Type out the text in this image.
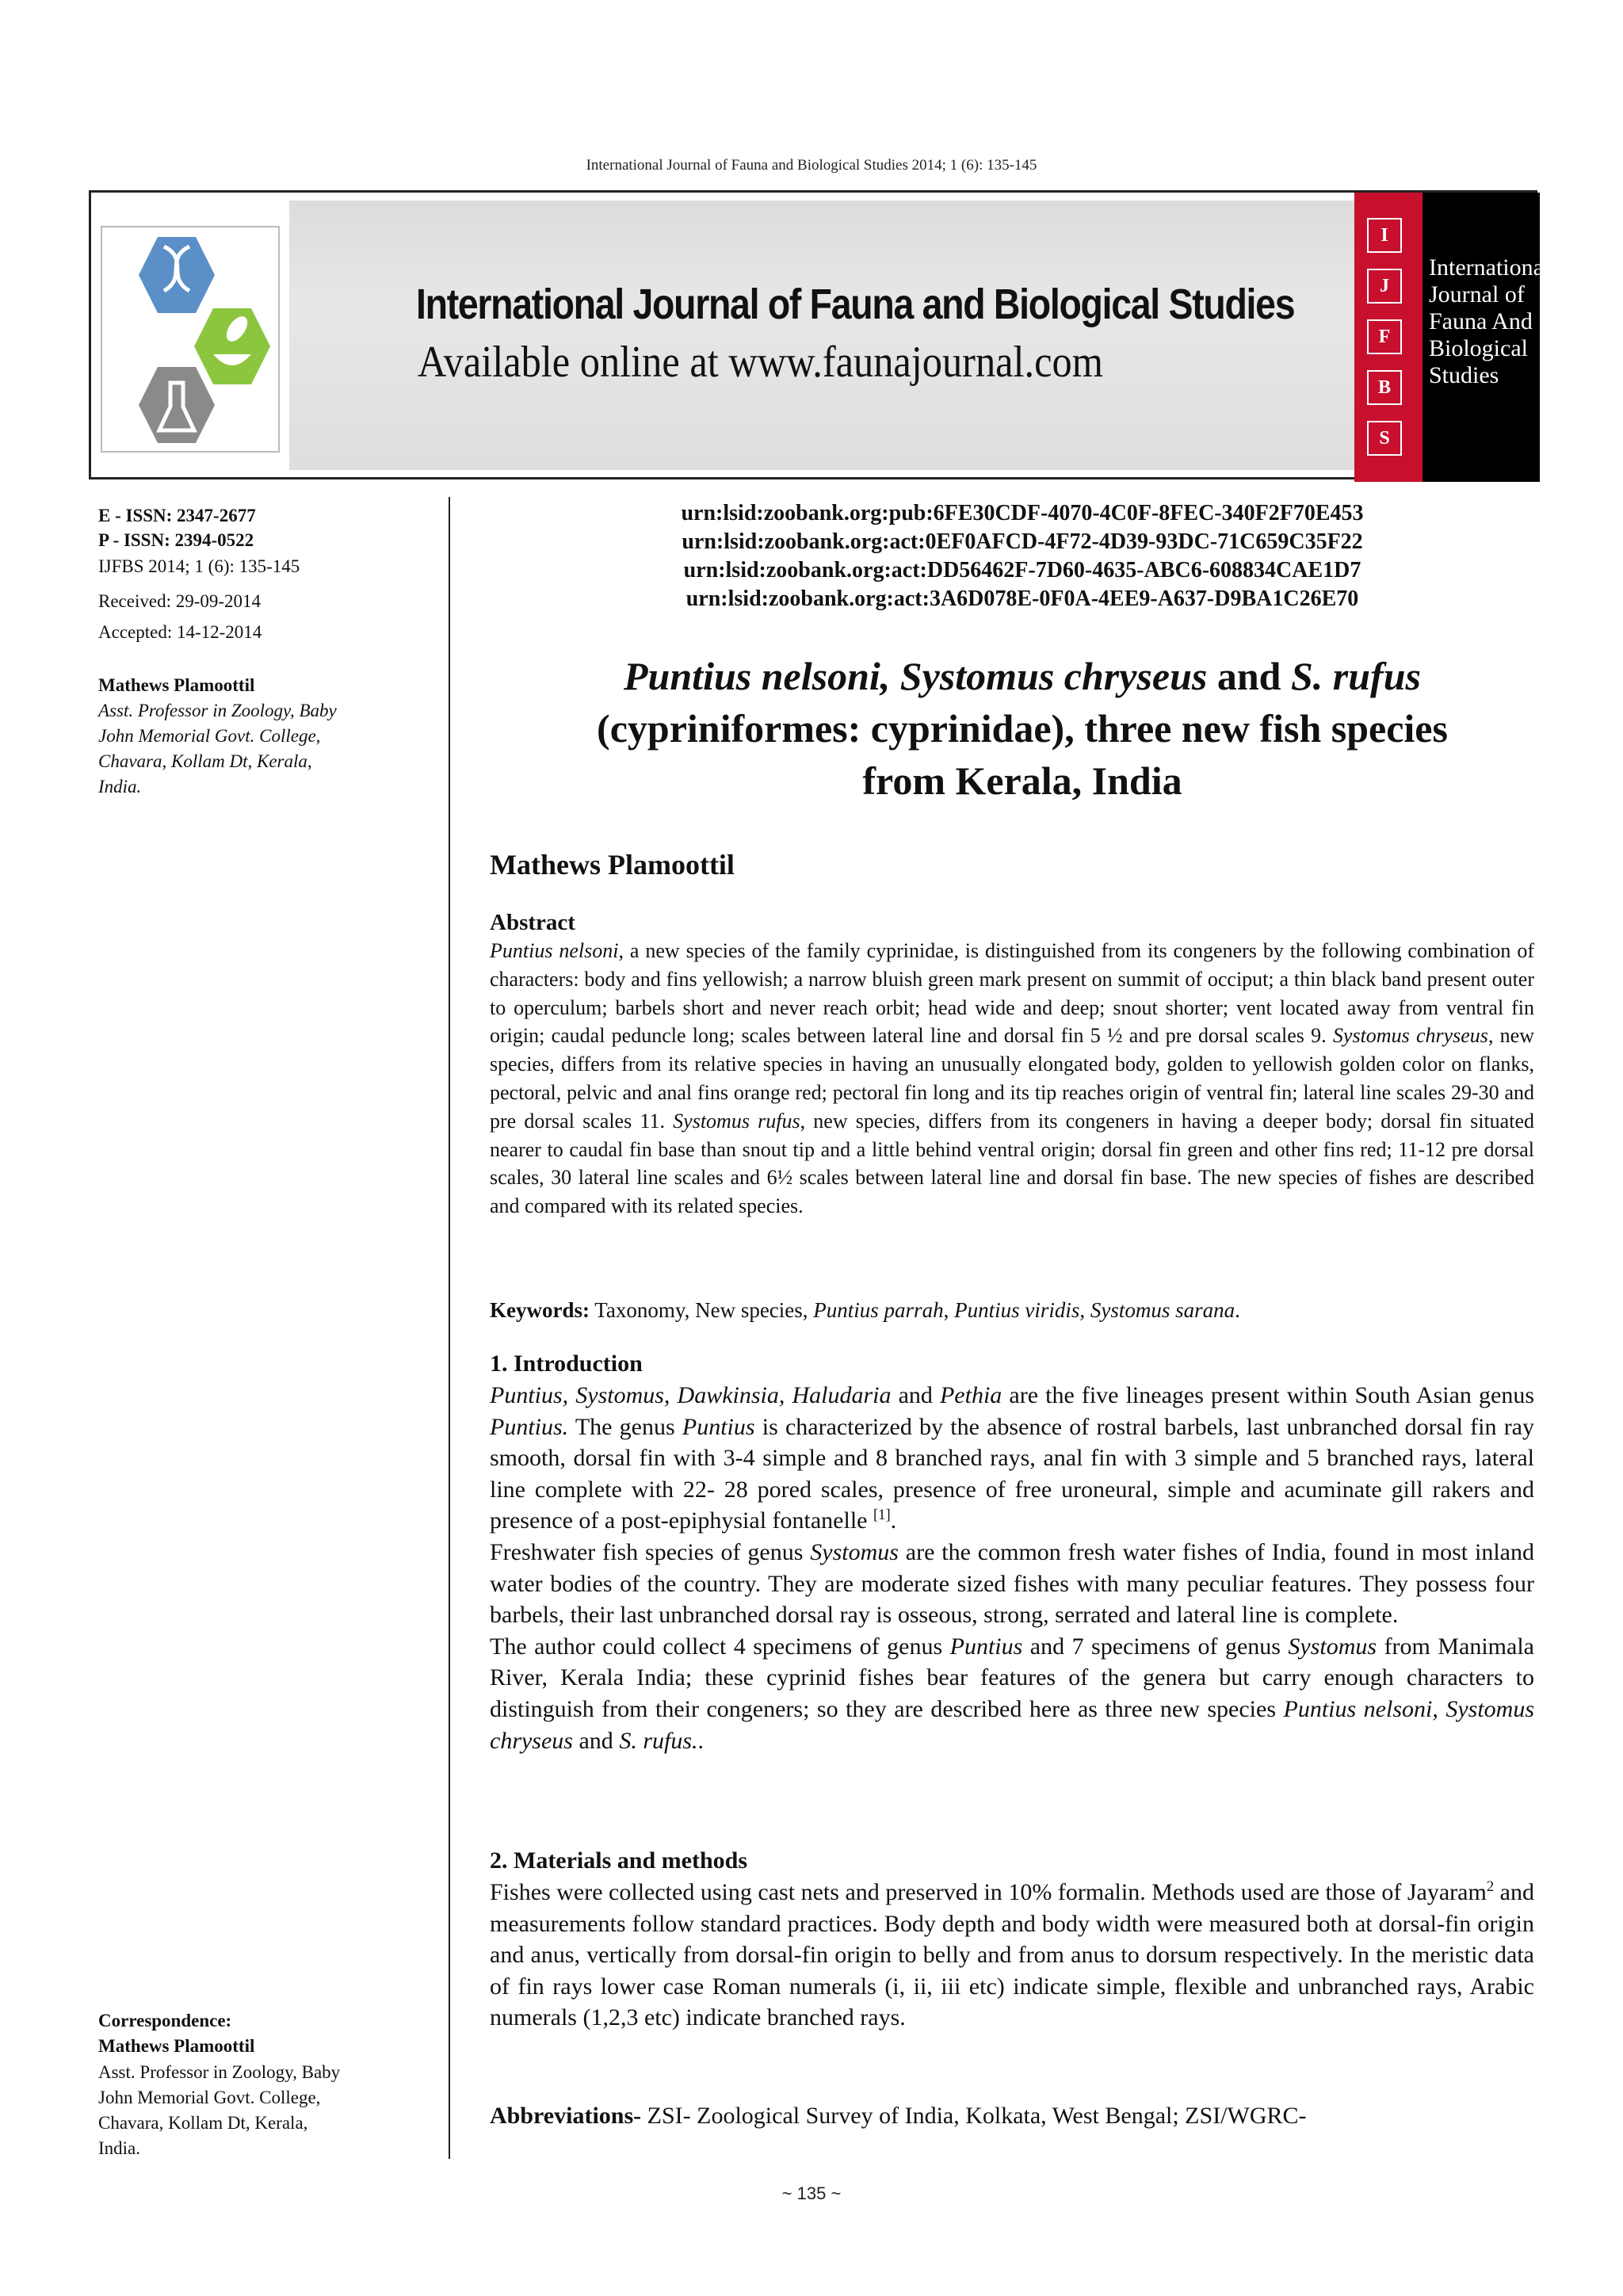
International Journal of Fauna and Biological Studies 2014; 1 (6): 135-145
International Journal of Fauna and Biological Studies
Available online at www.faunajournal.com
I
J
F
B
S
International
Journal of
Fauna And
Biological
Studies
E - ISSN: 2347-2677
P - ISSN: 2394-0522
IJFBS 2014; 1 (6): 135-145
Received: 29-09-2014
Accepted: 14-12-2014
Mathews Plamoottil
Asst. Professor in Zoology, Baby
John Memorial Govt. College,
Chavara, Kollam Dt, Kerala,
India.
Correspondence:
Mathews Plamoottil
Asst. Professor in Zoology, Baby
John Memorial Govt. College,
Chavara, Kollam Dt, Kerala,
India.
urn:lsid:zoobank.org:pub:6FE30CDF-4070-4C0F-8FEC-340F2F70E453
urn:lsid:zoobank.org:act:0EF0AFCD-4F72-4D39-93DC-71C659C35F22
urn:lsid:zoobank.org:act:DD56462F-7D60-4635-ABC6-608834CAE1D7
urn:lsid:zoobank.org:act:3A6D078E-0F0A-4EE9-A637-D9BA1C26E70
Puntius nelsoni, Systomus chryseus and S. rufus
(cypriniformes: cyprinidae), three new fish species
from Kerala, India
Mathews Plamoottil
Abstract
Puntius nelsoni, a new species of the family cyprinidae, is distinguished from its congeners by the following combination of characters: body and fins yellowish; a narrow bluish green mark present on summit of occiput; a thin black band present outer to operculum; barbels short and never reach orbit; head wide and deep; snout shorter; vent located away from ventral fin origin; caudal peduncle long; scales between lateral line and dorsal fin 5 ½ and pre dorsal scales 9. Systomus chryseus, new species, differs from its relative species in having an unusually elongated body, golden to yellowish golden color on flanks, pectoral, pelvic and anal fins orange red; pectoral fin long and its tip reaches origin of ventral fin; lateral line scales 29-30 and pre dorsal scales 11. Systomus rufus, new species, differs from its congeners in having a deeper body; dorsal fin situated nearer to caudal fin base than snout tip and a little behind ventral origin; dorsal fin green and other fins red; 11-12 pre dorsal scales, 30 lateral line scales and 6½ scales between lateral line and dorsal fin base. The new species of fishes are described and compared with its related species.
Keywords: Taxonomy, New species, Puntius parrah, Puntius viridis, Systomus sarana.
1. Introduction
Puntius, Systomus, Dawkinsia, Haludaria and Pethia are the five lineages present within South Asian genus Puntius. The genus Puntius is characterized by the absence of rostral barbels, last unbranched dorsal fin ray smooth, dorsal fin with 3-4 simple and 8 branched rays, anal fin with 3 simple and 5 branched rays, lateral line complete with 22- 28 pored scales, presence of free uroneural, simple and acuminate gill rakers and presence of a post-epiphysial fontanelle [1].
Freshwater fish species of genus Systomus are the common fresh water fishes of India, found in most inland water bodies of the country. They are moderate sized fishes with many peculiar features. They possess four barbels, their last unbranched dorsal ray is osseous, strong, serrated and lateral line is complete.
The author could collect 4 specimens of genus Puntius and 7 specimens of genus Systomus from Manimala River, Kerala India; these cyprinid fishes bear features of the genera but carry enough characters to distinguish from their congeners; so they are described here as three new species Puntius nelsoni, Systomus chryseus and S. rufus..
2. Materials and methods
Fishes were collected using cast nets and preserved in 10% formalin. Methods used are those of Jayaram$^2$ and measurements follow standard practices. Body depth and body width were measured both at dorsal-fin origin and anus, vertically from dorsal-fin origin to belly and from anus to dorsum respectively. In the meristic data of fin rays lower case Roman numerals (i, ii, iii etc) indicate simple, flexible and unbranched rays, Arabic numerals (1,2,3 etc) indicate branched rays.
Abbreviations- ZSI- Zoological Survey of India, Kolkata, West Bengal; ZSI/WGRC-
~ 135 ~
